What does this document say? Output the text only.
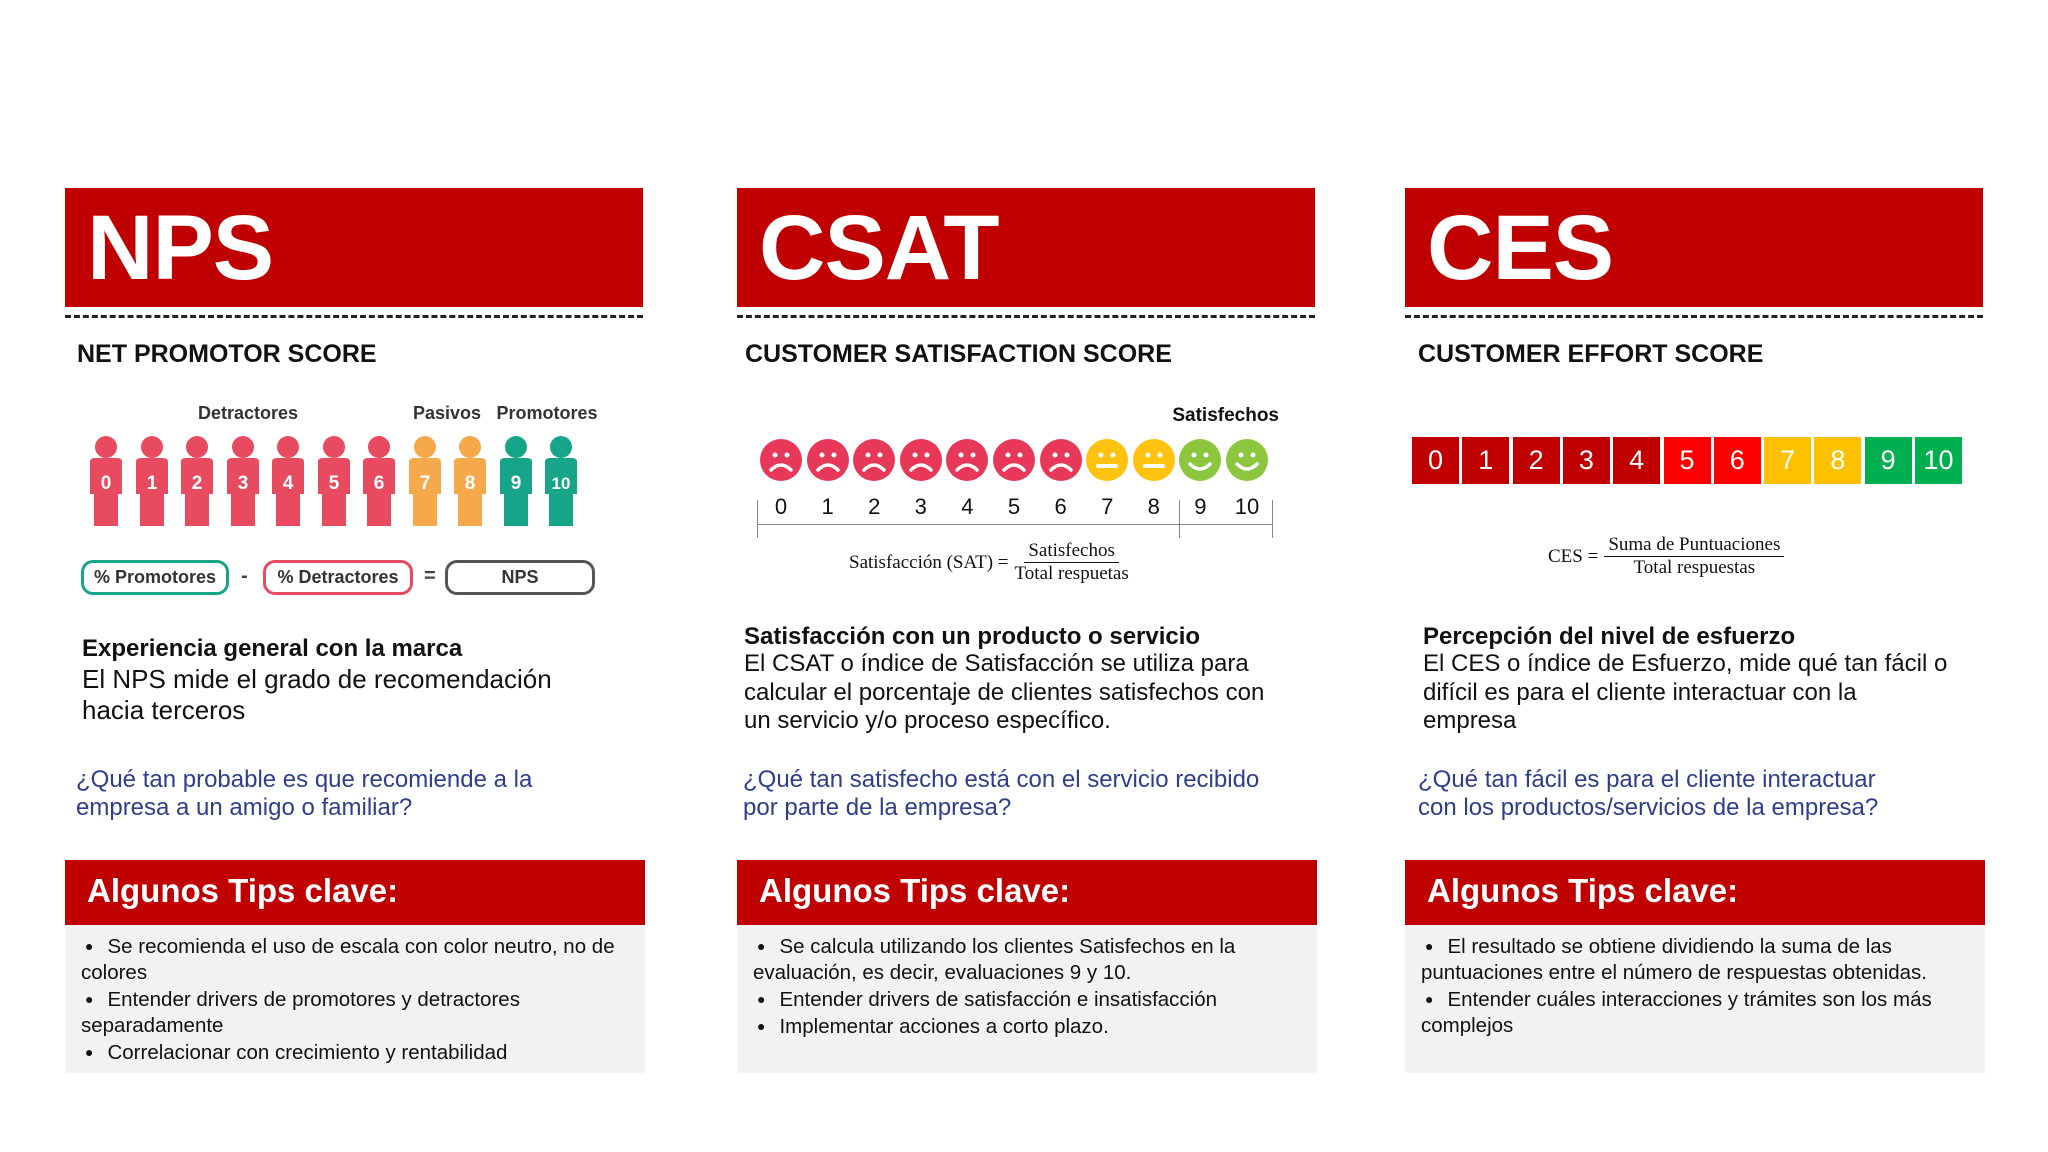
NPS
NET PROMOTOR SCORE
Detractores	Pasivos Promotores
0 1 2 3 4 5 6 7 8 9 10
% Promotores	-	% Detractores	=	NPS
Experiencia general con la marca
El NPS mide el grado de recomendación
hacia terceros
¿Qué tan probable es que recomiende a la empresa a un amigo o familiar?
Algunos Tips clave:
● Se recomienda el uso de escala con color neutro, no de colores
● Entender drivers de promotores y detractores separadamente
● Correlacionar con crecimiento y rentabilidad
CSAT
CUSTOMER SATISFACTION SCORE
Satisfechos
0 1 2 3 4 5 6 7 8 9 10
Satisfacción $(SAT) = \frac{\text{Satisfechos}}{\text{Total respuetas}}$
Satisfacción con un producto o servicio
El CSAT o índice de Satisfacción se utiliza para
calcular el porcentaje de clientes satisfechos con
un servicio y/o proceso específico.
¿Qué tan satisfecho está con el servicio recibido por parte de la empresa?
Algunos Tips clave:
● Se calcula utilizando los clientes Satisfechos en la evaluación, es decir, evaluaciones 9 y 10.
● Entender drivers de satisfacción e insatisfacción
● Implementar acciones a corto plazo.
CES
CUSTOMER EFFORT SCORE
0	1	2	3	4	5	6	7	8	9	10
CES = $\frac{\text{Suma de Puntuaciones}}{\text{Total respuestas}}$
Percepción del nivel de esfuerzo
El CES o índice de Esfuerzo, mide qué tan fácil o
difícil es para el cliente interactuar con la
empresa
¿Qué tan fácil es para el cliente interactuar con los productos/servicios de la empresa?
Algunos Tips clave:
● El resultado se obtiene dividiendo la suma de las puntuaciones entre el número de respuestas obtenidas.
● Entender cuáles interacciones y trámites son los más complejos
